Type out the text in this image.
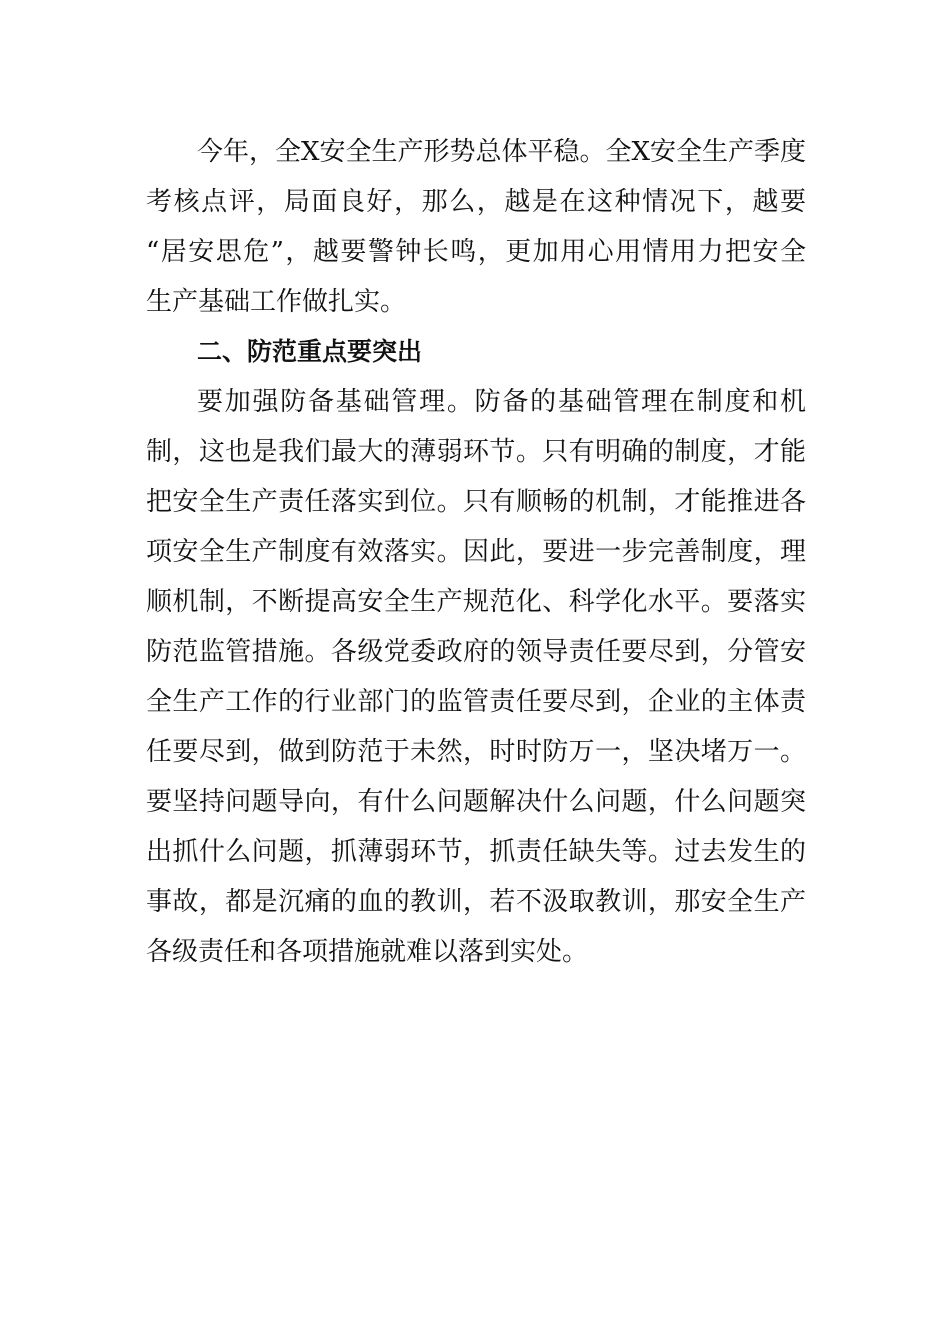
今年，全X安全生产形势总体平稳。全X安全生产季度
考核点评，局面良好，那么，越是在这种情况下，越要
“居安思危”，越要警钟长鸣，更加用心用情用力把安全
生产基础工作做扎实。
二、防范重点要突出
要加强防备基础管理。防备的基础管理在制度和机
制，这也是我们最大的薄弱环节。只有明确的制度，才能
把安全生产责任落实到位。只有顺畅的机制，才能推进各
项安全生产制度有效落实。因此，要进一步完善制度，理
顺机制，不断提高安全生产规范化、科学化水平。要落实
防范监管措施。各级党委政府的领导责任要尽到，分管安
全生产工作的行业部门的监管责任要尽到，企业的主体责
任要尽到，做到防范于未然，时时防万一，坚决堵万一。
要坚持问题导向，有什么问题解决什么问题，什么问题突
出抓什么问题，抓薄弱环节，抓责任缺失等。过去发生的
事故，都是沉痛的血的教训，若不汲取教训，那安全生产
各级责任和各项措施就难以落到实处。
